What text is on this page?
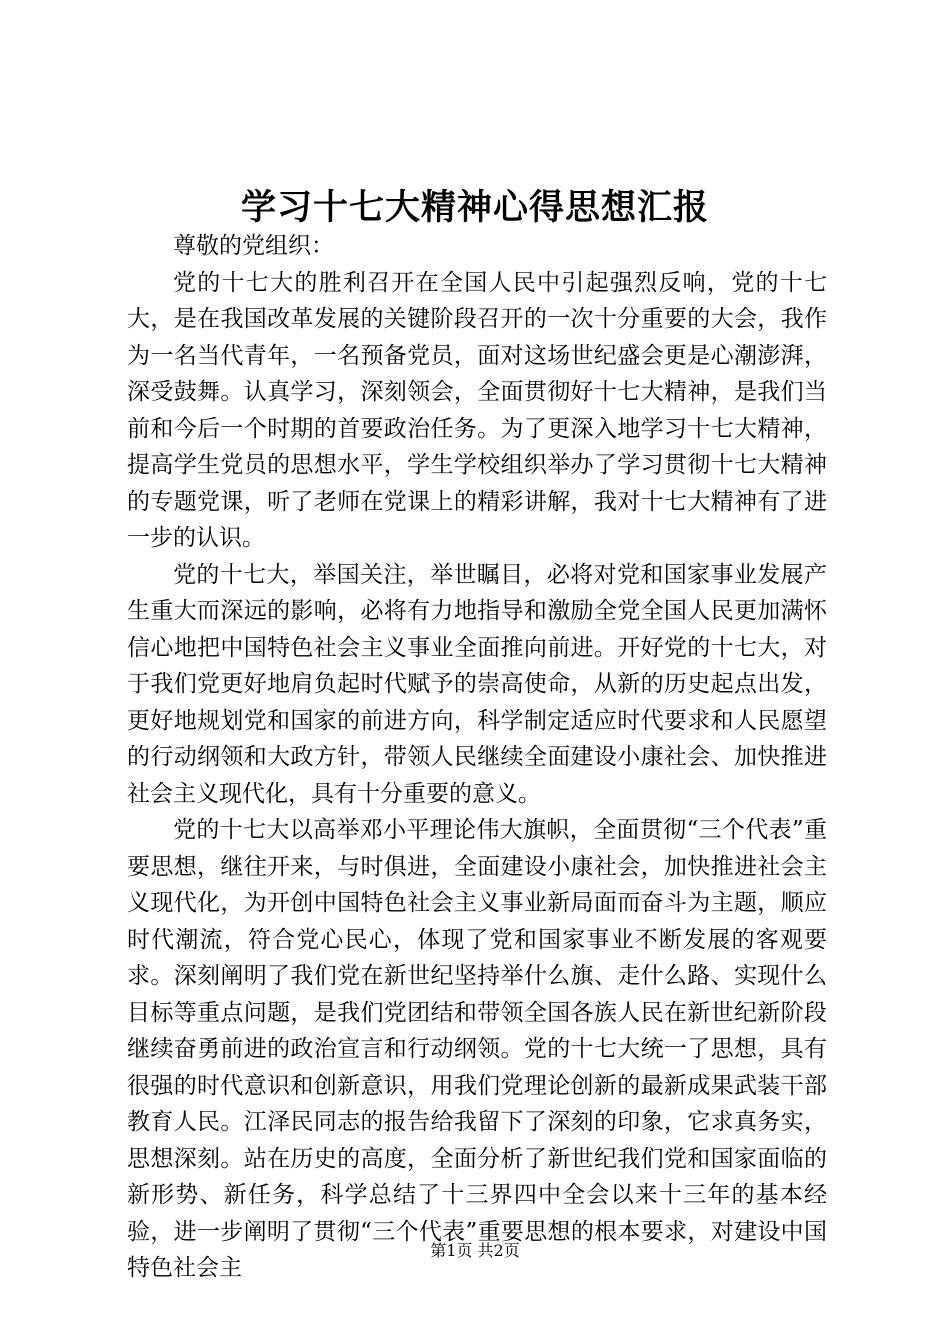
学习十七大精神心得思想汇报

尊敬的党组织：

党的十七大的胜利召开在全国人民中引起强烈反响，党的十七大，是在我国改革发展的关键阶段召开的一次十分重要的大会，我作为一名当代青年，一名预备党员，面对这场世纪盛会更是心潮澎湃，深受鼓舞。认真学习，深刻领会，全面贯彻好十七大精神，是我们当前和今后一个时期的首要政治任务。为了更深入地学习十七大精神，提高学生党员的思想水平，学生学校组织举办了学习贯彻十七大精神的专题党课，听了老师在党课上的精彩讲解，我对十七大精神有了进一步的认识。

党的十七大，举国关注，举世瞩目，必将对党和国家事业发展产生重大而深远的影响，必将有力地指导和激励全党全国人民更加满怀信心地把中国特色社会主义事业全面推向前进。开好党的十七大，对于我们党更好地肩负起时代赋予的崇高使命，从新的历史起点出发，更好地规划党和国家的前进方向，科学制定适应时代要求和人民愿望的行动纲领和大政方针，带领人民继续全面建设小康社会、加快推进社会主义现代化，具有十分重要的意义。

党的十七大以高举邓小平理论伟大旗帜，全面贯彻“三个代表”重要思想，继往开来，与时俱进，全面建设小康社会，加快推进社会主义现代化，为开创中国特色社会主义事业新局面而奋斗为主题，顺应时代潮流，符合党心民心，体现了党和国家事业不断发展的客观要求。深刻阐明了我们党在新世纪坚持举什么旗、走什么路、实现什么目标等重点问题，是我们党团结和带领全国各族人民在新世纪新阶段继续奋勇前进的政治宣言和行动纲领。党的十七大统一了思想，具有很强的时代意识和创新意识，用我们党理论创新的最新成果武装干部教育人民。江泽民同志的报告给我留下了深刻的印象，它求真务实，思想深刻。站在历史的高度，全面分析了新世纪我们党和国家面临的新形势、新任务，科学总结了十三界四中全会以来十三年的基本经验，进一步阐明了贯彻“三个代表”重要思想的根本要求，对建设中国特色社会主

第1页 共2页
